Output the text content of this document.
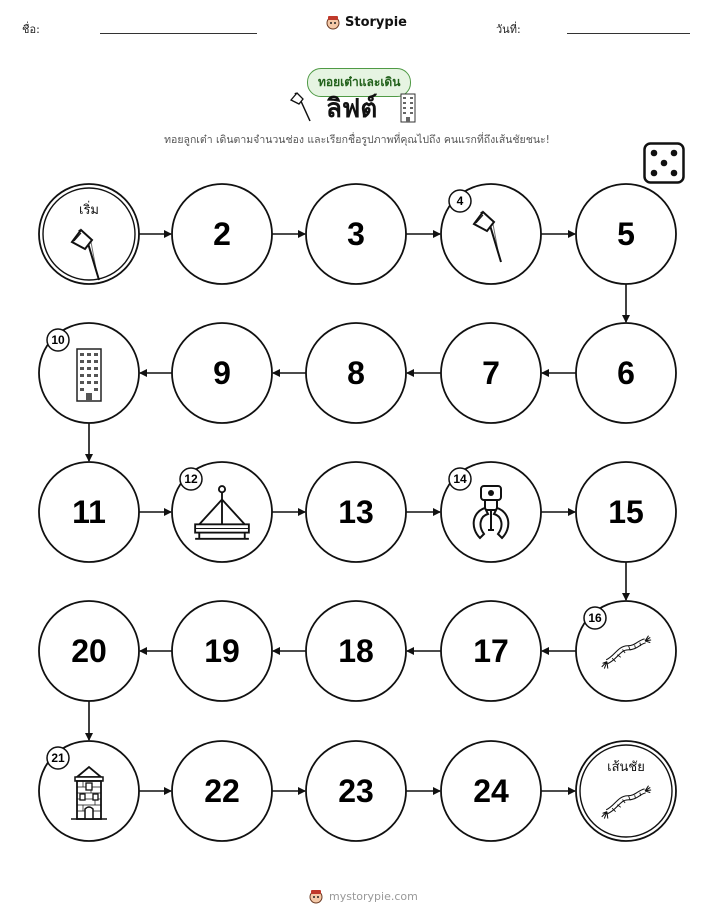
ชื่อ:	Storypie	วันที่:
ทอยเต๋าและเดิน
ลิฟต์
ทอยลูกเต๋า เดินตามจำนวนช่อง และเรียกชื่อรูปภาพที่คุณไปถึง คนแรกที่ถึงเส้นชัยชนะ!
เริ่ม
2	3
4
5
6
7
8
9
10
11
12
13
14
15
16
17
18
19
20
21
22	23	24
เส้นชัย
mystorypie.com
